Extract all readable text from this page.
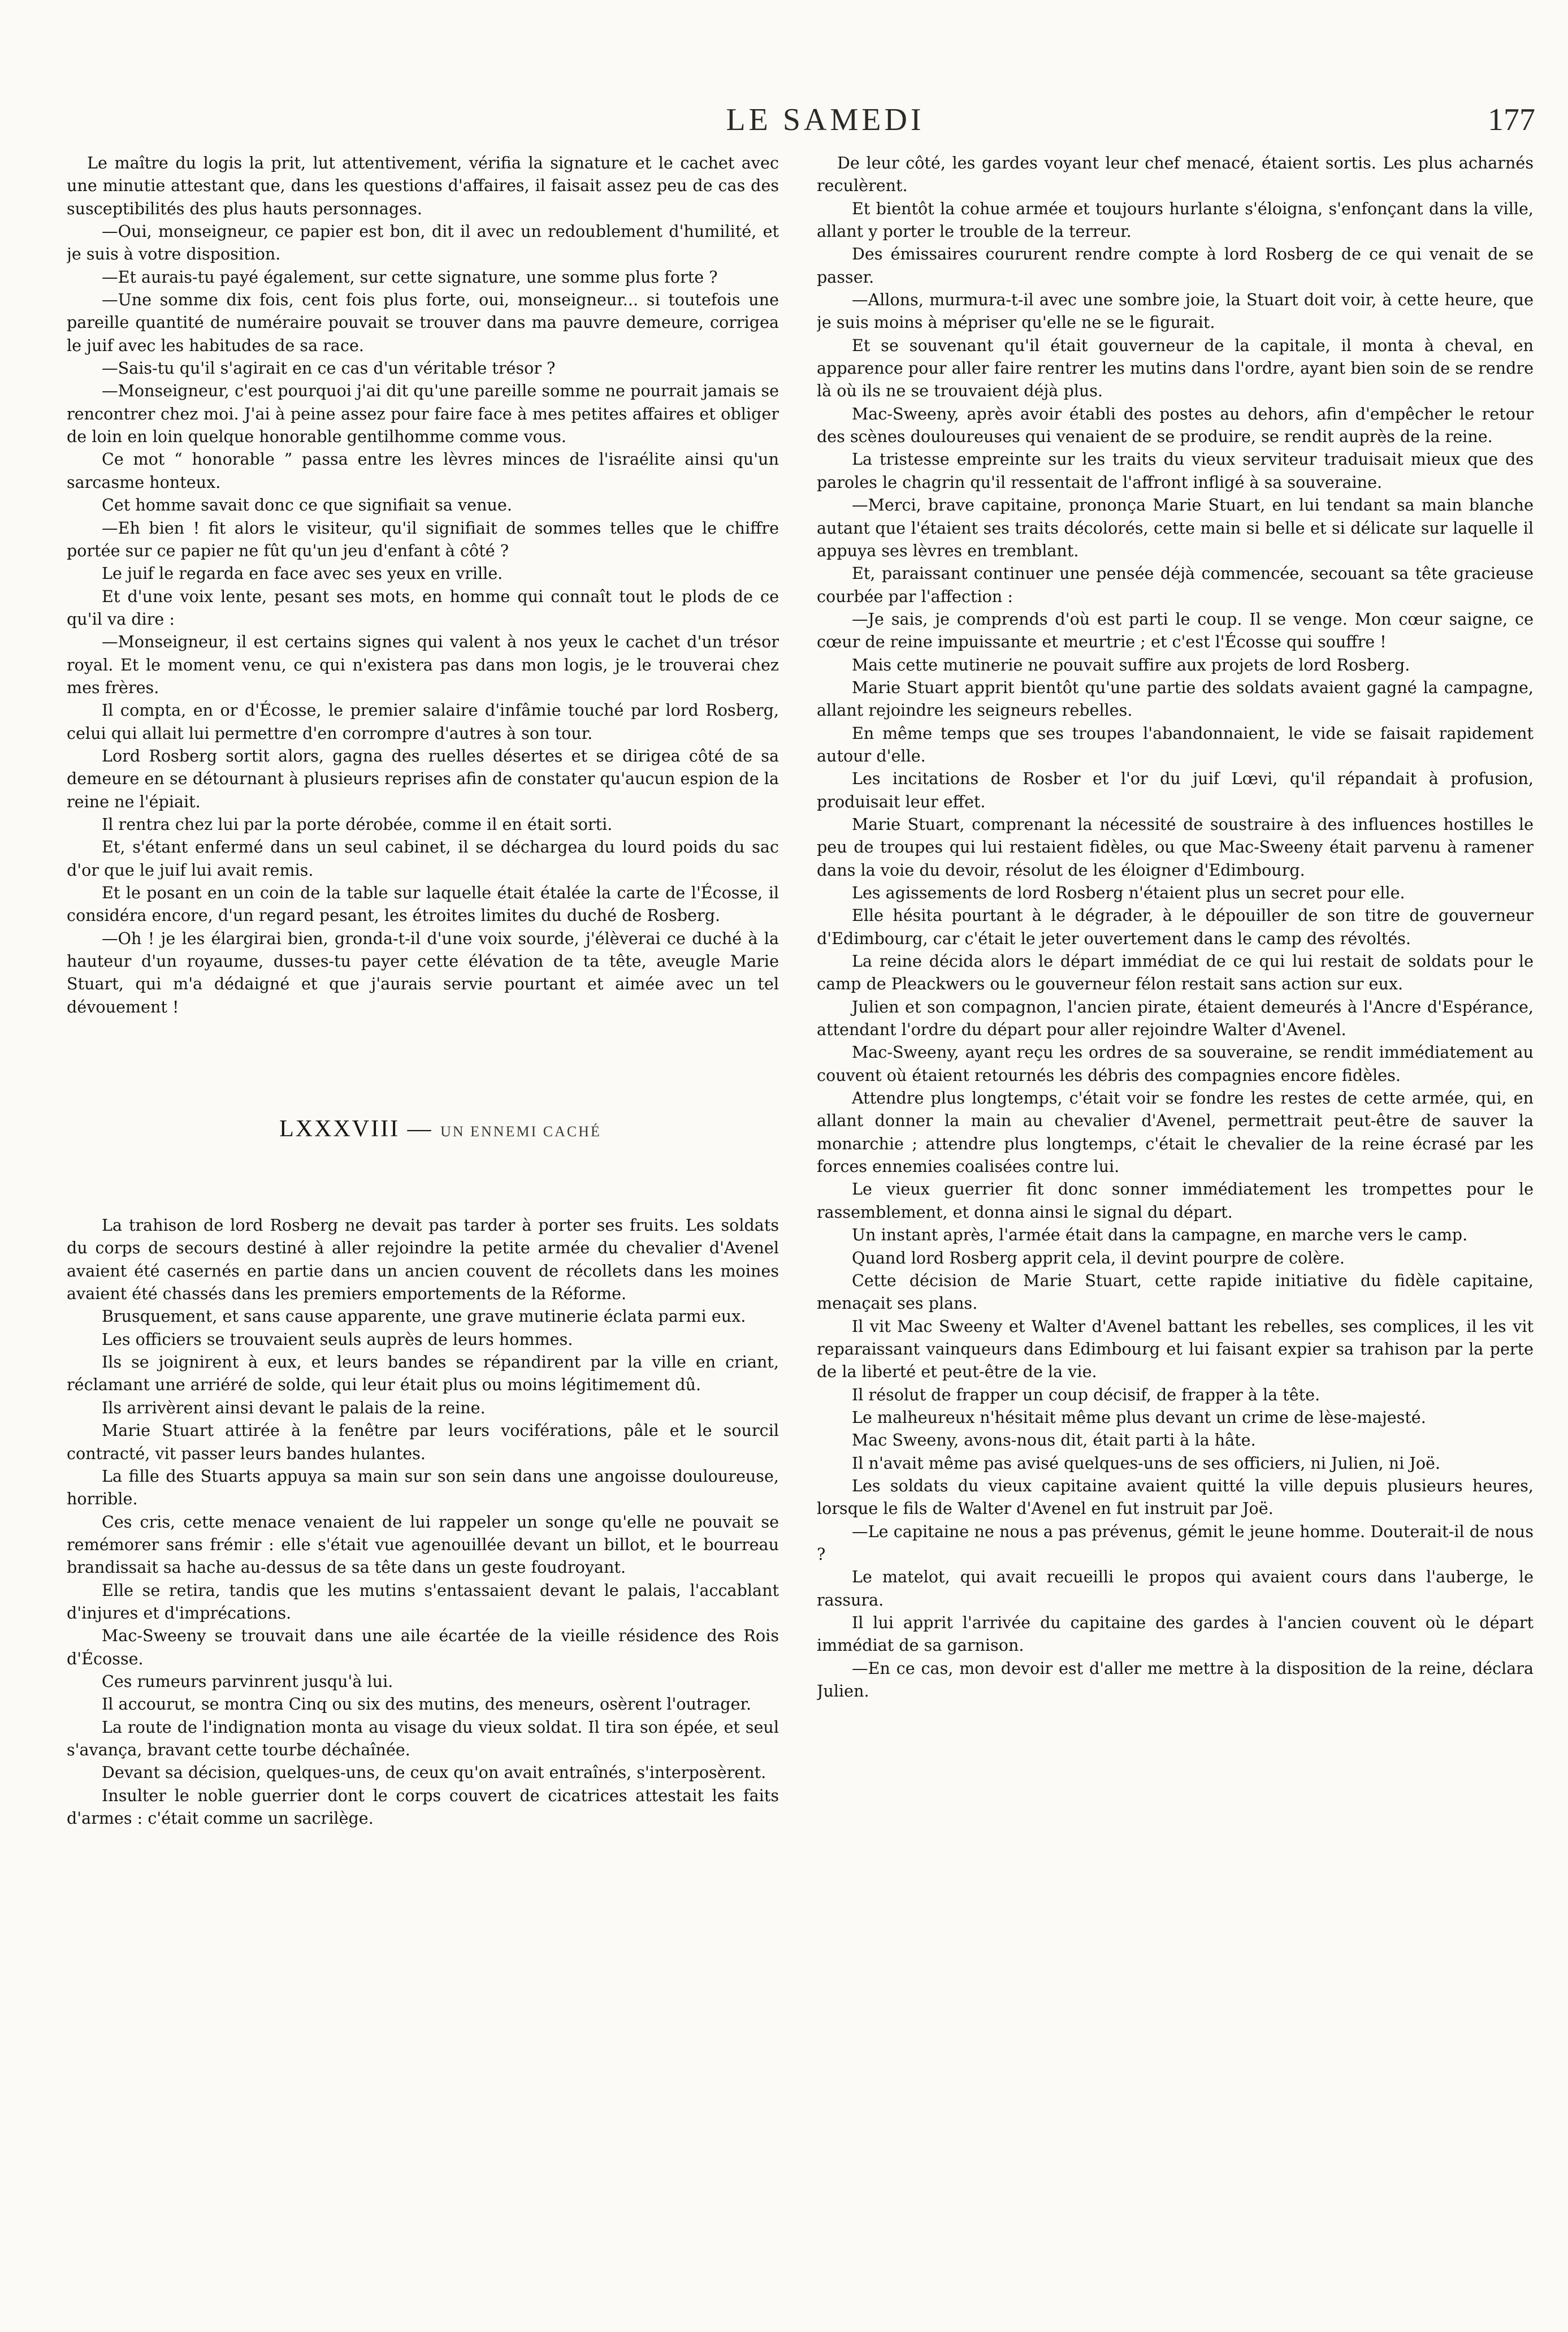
LE SAMEDI	177

Le maître du logis la prit, lut attentivement, vérifia la signature et le cachet avec une minutie attestant que, dans les questions d'affaires, il faisait assez peu de cas des susceptibilités des plus hauts personnages.

—Oui, monseigneur, ce papier est bon, dit il avec un redoublement d'humilité, et je suis à votre disposition.

—Et aurais-tu payé également, sur cette signature, une somme plus forte ?

—Une somme dix fois, cent fois plus forte, oui, monseigneur... si toutefois une pareille quantité de numéraire pouvait se trouver dans ma pauvre demeure, corrigea le juif avec les habitudes de sa race.

—Sais-tu qu'il s'agirait en ce cas d'un véritable trésor ?

—Monseigneur, c'est pourquoi j'ai dit qu'une pareille somme ne pourrait jamais se rencontrer chez moi. J'ai à peine assez pour faire face à mes petites affaires et obliger de loin en loin quelque honorable gentilhomme comme vous.

Ce mot “ honorable ” passa entre les lèvres minces de l'israélite ainsi qu'un sarcasme honteux.

Cet homme savait donc ce que signifiait sa venue.

—Eh bien ! fit alors le visiteur, qu'il signifiait de sommes telles que le chiffre portée sur ce papier ne fût qu'un jeu d'enfant à côté ?

Le juif le regarda en face avec ses yeux en vrille.

Et d'une voix lente, pesant ses mots, en homme qui connaît tout le plods de ce qu'il va dire :

—Monseigneur, il est certains signes qui valent à nos yeux le cachet d'un trésor royal. Et le moment venu, ce qui n'existera pas dans mon logis, je le trouverai chez mes frères.

Il compta, en or d'Écosse, le premier salaire d'infâmie touché par lord Rosberg, celui qui allait lui permettre d'en corrompre d'autres à son tour.

Lord Rosberg sortit alors, gagna des ruelles désertes et se dirigea côté de sa demeure en se détournant à plusieurs reprises afin de constater qu'aucun espion de la reine ne l'épiait.

Il rentra chez lui par la porte dérobée, comme il en était sorti.

Et, s'étant enfermé dans un seul cabinet, il se déchargea du lourd poids du sac d'or que le juif lui avait remis.

Et le posant en un coin de la table sur laquelle était étalée la carte de l'Écosse, il considéra encore, d'un regard pesant, les étroites limites du duché de Rosberg.

—Oh ! je les élargirai bien, gronda-t-il d'une voix sourde, j'élèverai ce duché à la hauteur d'un royaume, dusses-tu payer cette élévation de ta tête, aveugle Marie Stuart, qui m'a dédaigné et que j'aurais servie pourtant et aimée avec un tel dévouement !

LXXXVIII — UN ENNEMI CACHÉ

La trahison de lord Rosberg ne devait pas tarder à porter ses fruits. Les soldats du corps de secours destiné à aller rejoindre la petite armée du chevalier d'Avenel avaient été casernés en partie dans un ancien couvent de récollets dans les moines avaient été chassés dans les premiers emportements de la Réforme.

Brusquement, et sans cause apparente, une grave mutinerie éclata parmi eux.

Les officiers se trouvaient seuls auprès de leurs hommes.

Ils se joignirent à eux, et leurs bandes se répandirent par la ville en criant, réclamant une arriéré de solde, qui leur était plus ou moins légitimement dû.

Ils arrivèrent ainsi devant le palais de la reine.

Marie Stuart attirée à la fenêtre par leurs vociférations, pâle et le sourcil contracté, vit passer leurs bandes hulantes.

La fille des Stuarts appuya sa main sur son sein dans une angoisse douloureuse, horrible.

Ces cris, cette menace venaient de lui rappeler un songe qu'elle ne pouvait se remémorer sans frémir : elle s'était vue agenouillée devant un billot, et le bourreau brandissait sa hache au-dessus de sa tête dans un geste foudroyant.

Elle se retira, tandis que les mutins s'entassaient devant le palais, l'accablant d'injures et d'imprécations.

Mac-Sweeny se trouvait dans une aile écartée de la vieille résidence des Rois d'Écosse.

Ces rumeurs parvinrent jusqu'à lui.

Il accourut, se montra Cinq ou six des mutins, des meneurs, osèrent l'outrager.

La route de l'indignation monta au visage du vieux soldat. Il tira son épée, et seul s'avança, bravant cette tourbe déchaînée.

Devant sa décision, quelques-uns, de ceux qu'on avait entraînés, s'interposèrent.

Insulter le noble guerrier dont le corps couvert de cicatrices attestait les faits d'armes : c'était comme un sacrilège.

De leur côté, les gardes voyant leur chef menacé, étaient sortis. Les plus acharnés reculèrent.

Et bientôt la cohue armée et toujours hurlante s'éloigna, s'enfonçant dans la ville, allant y porter le trouble de la terreur.

Des émissaires coururent rendre compte à lord Rosberg de ce qui venait de se passer.

—Allons, murmura-t-il avec une sombre joie, la Stuart doit voir, à cette heure, que je suis moins à mépriser qu'elle ne se le figurait.

Et se souvenant qu'il était gouverneur de la capitale, il monta à cheval, en apparence pour aller faire rentrer les mutins dans l'ordre, ayant bien soin de se rendre là où ils ne se trouvaient déjà plus.

Mac-Sweeny, après avoir établi des postes au dehors, afin d'empêcher le retour des scènes douloureuses qui venaient de se produire, se rendit auprès de la reine.

La tristesse empreinte sur les traits du vieux serviteur traduisait mieux que des paroles le chagrin qu'il ressentait de l'affront infligé à sa souveraine.

—Merci, brave capitaine, prononça Marie Stuart, en lui tendant sa main blanche autant que l'étaient ses traits décolorés, cette main si belle et si délicate sur laquelle il appuya ses lèvres en tremblant.

Et, paraissant continuer une pensée déjà commencée, secouant sa tête gracieuse courbée par l'affection :

—Je sais, je comprends d'où est parti le coup. Il se venge. Mon cœur saigne, ce cœur de reine impuissante et meurtrie ; et c'est l'Écosse qui souffre !

Mais cette mutinerie ne pouvait suffire aux projets de lord Rosberg.

Marie Stuart apprit bientôt qu'une partie des soldats avaient gagné la campagne, allant rejoindre les seigneurs rebelles.

En même temps que ses troupes l'abandonnaient, le vide se faisait rapidement autour d'elle.

Les incitations de Rosber et l'or du juif Lœvi, qu'il répandait à profusion, produisait leur effet.

Marie Stuart, comprenant la nécessité de soustraire à des influences hostilles le peu de troupes qui lui restaient fidèles, ou que Mac-Sweeny était parvenu à ramener dans la voie du devoir, résolut de les éloigner d'Edimbourg.

Les agissements de lord Rosberg n'étaient plus un secret pour elle.

Elle hésita pourtant à le dégrader, à le dépouiller de son titre de gouverneur d'Edimbourg, car c'était le jeter ouvertement dans le camp des révoltés.

La reine décida alors le départ immédiat de ce qui lui restait de soldats pour le camp de Pleackwers ou le gouverneur félon restait sans action sur eux.

Julien et son compagnon, l'ancien pirate, étaient demeurés à l'Ancre d'Espérance, attendant l'ordre du départ pour aller rejoindre Walter d'Avenel.

Mac-Sweeny, ayant reçu les ordres de sa souveraine, se rendit immédiatement au couvent où étaient retournés les débris des compagnies encore fidèles.

Attendre plus longtemps, c'était voir se fondre les restes de cette armée, qui, en allant donner la main au chevalier d'Avenel, permettrait peut-être de sauver la monarchie ; attendre plus longtemps, c'était le chevalier de la reine écrasé par les forces ennemies coalisées contre lui.

Le vieux guerrier fit donc sonner immédiatement les trompettes pour le rassemblement, et donna ainsi le signal du départ.

Un instant après, l'armée était dans la campagne, en marche vers le camp.

Quand lord Rosberg apprit cela, il devint pourpre de colère.

Cette décision de Marie Stuart, cette rapide initiative du fidèle capitaine, menaçait ses plans.

Il vit Mac Sweeny et Walter d'Avenel battant les rebelles, ses complices, il les vit reparaissant vainqueurs dans Edimbourg et lui faisant expier sa trahison par la perte de la liberté et peut-être de la vie.

Il résolut de frapper un coup décisif, de frapper à la tête.

Le malheureux n'hésitait même plus devant un crime de lèse-majesté.

Mac Sweeny, avons-nous dit, était parti à la hâte.

Il n'avait même pas avisé quelques-uns de ses officiers, ni Julien, ni Joë.

Les soldats du vieux capitaine avaient quitté la ville depuis plusieurs heures, lorsque le fils de Walter d'Avenel en fut instruit par Joë.

—Le capitaine ne nous a pas prévenus, gémit le jeune homme. Douterait-il de nous ?

Le matelot, qui avait recueilli le propos qui avaient cours dans l'auberge, le rassura.

Il lui apprit l'arrivée du capitaine des gardes à l'ancien couvent où le départ immédiat de sa garnison.

—En ce cas, mon devoir est d'aller me mettre à la disposition de la reine, déclara Julien.
